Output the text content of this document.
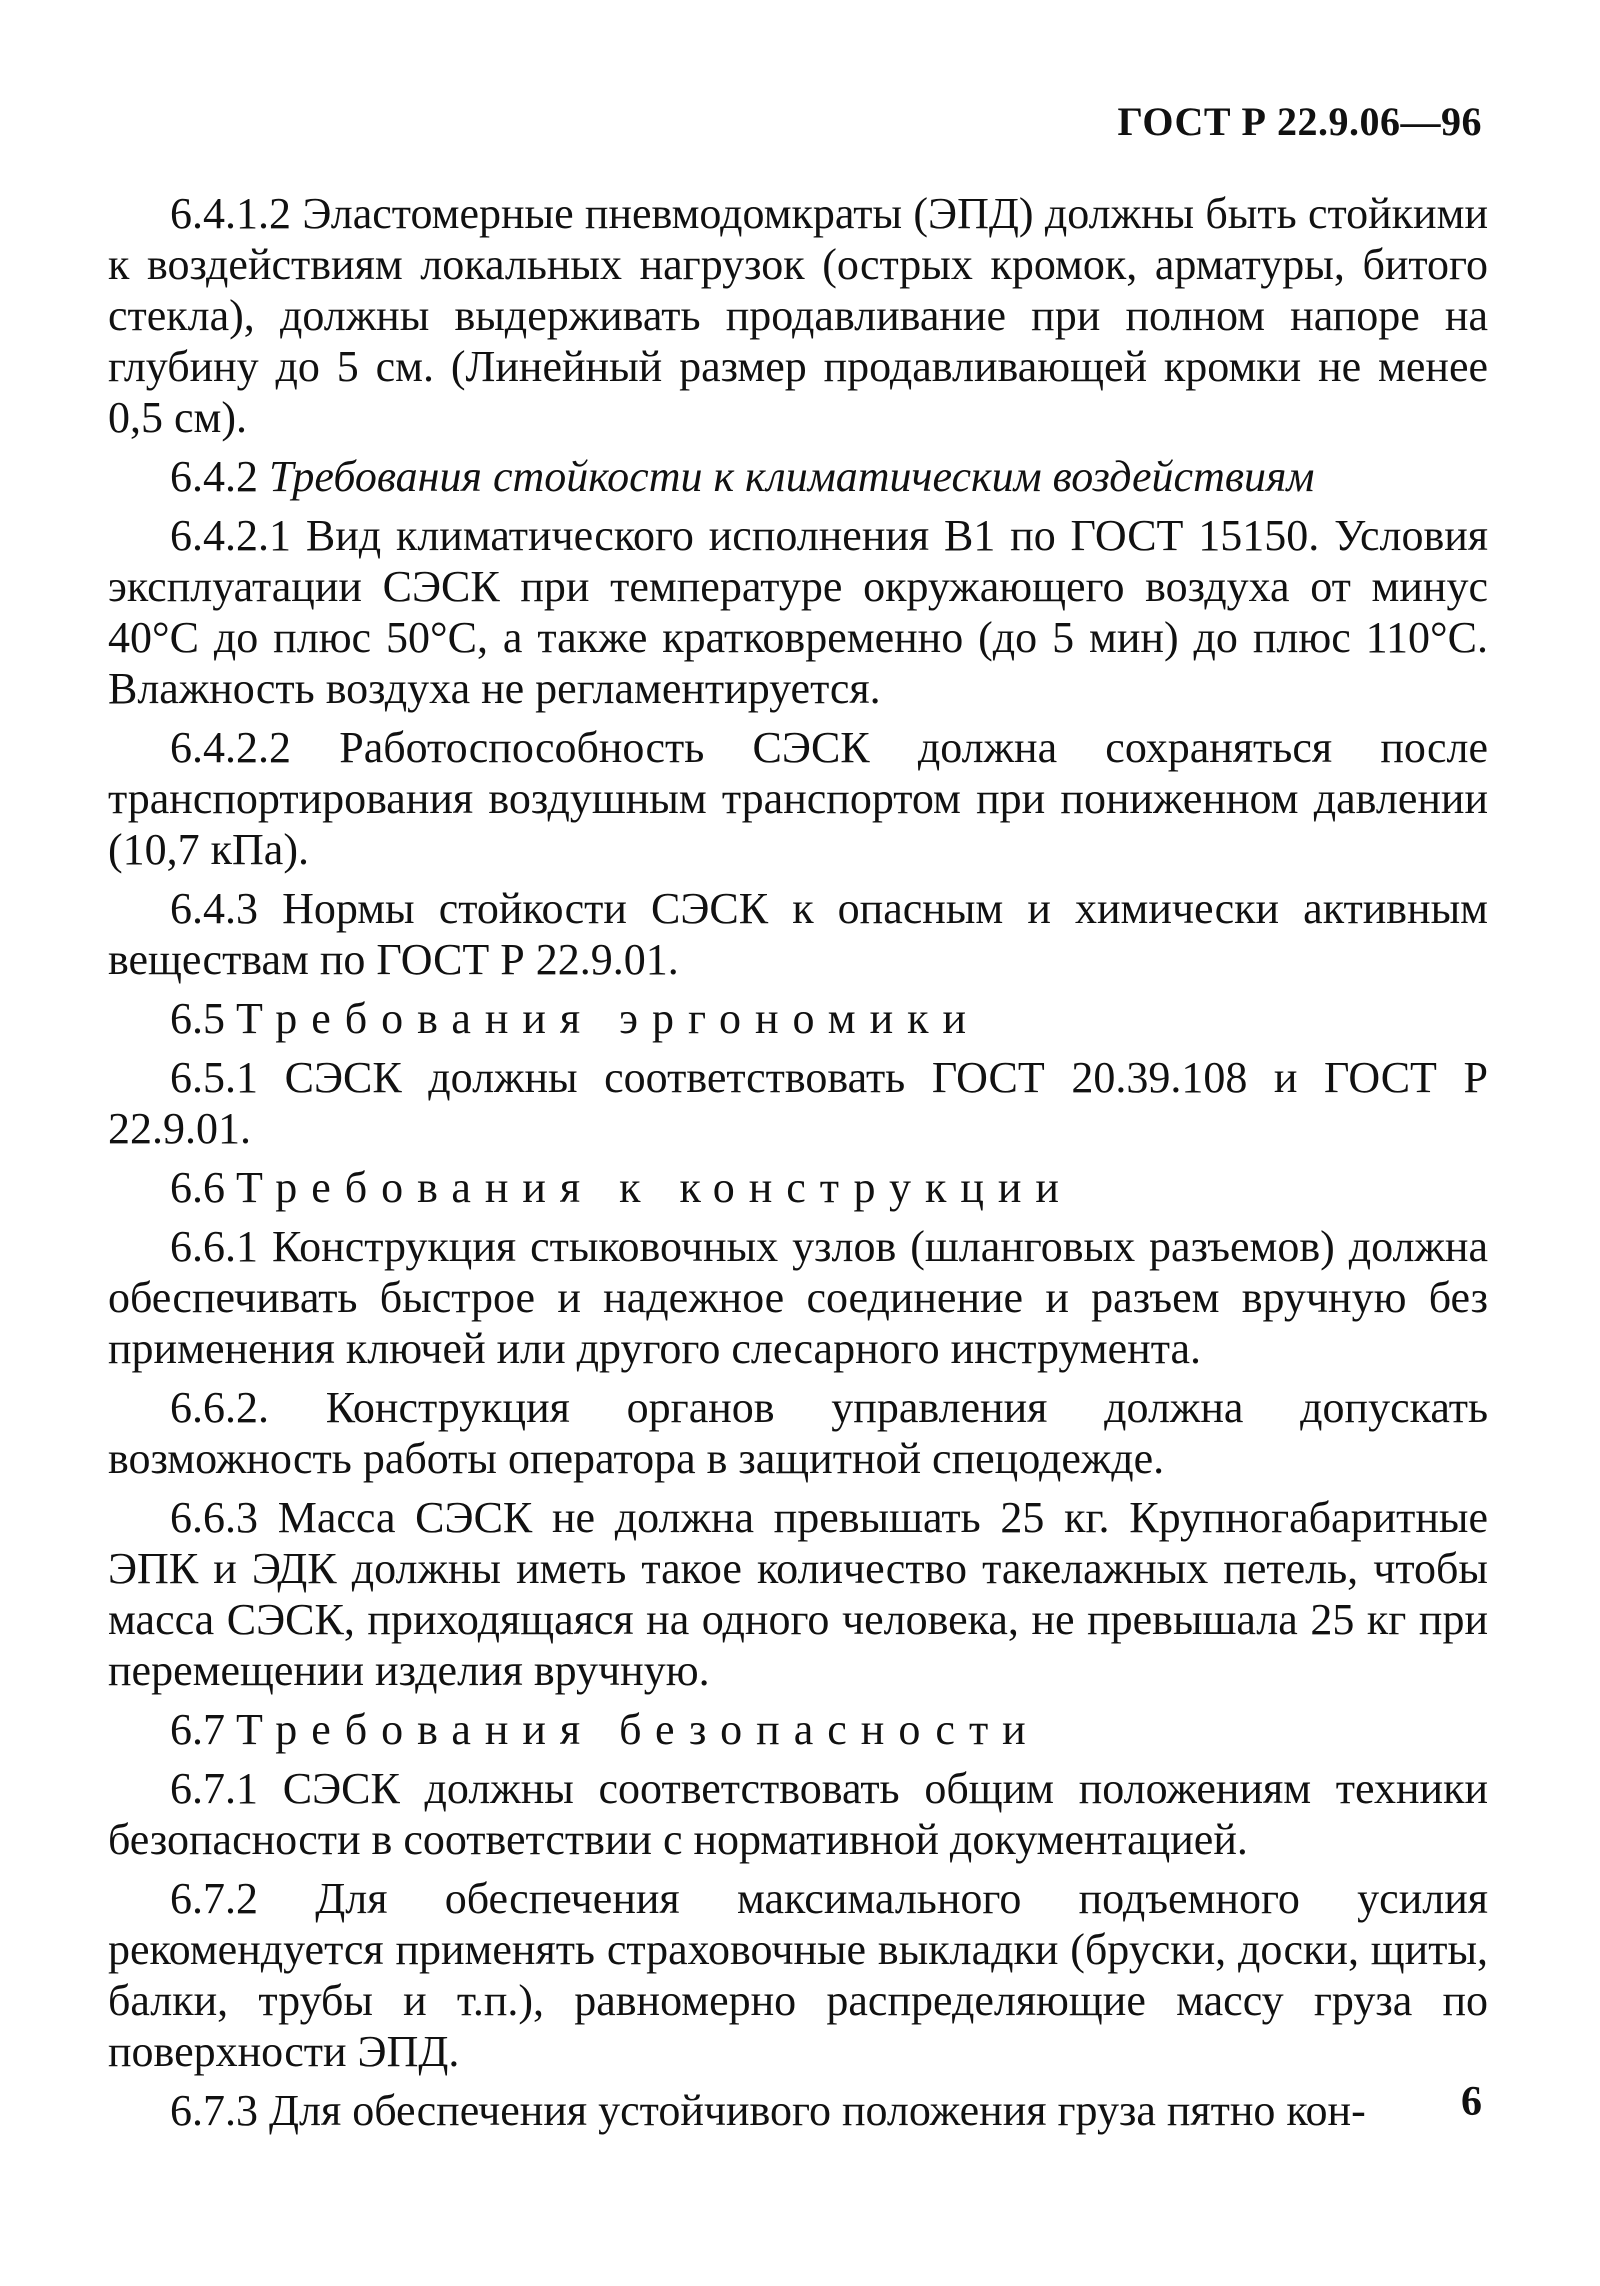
ГОСТ Р 22.9.06—96

6.4.1.2 Эластомерные пневмодомкраты (ЭПД) должны быть стойкими к воздействиям локальных нагрузок (острых кромок, арматуры, битого стекла), должны выдерживать продавливание при полном напоре на глубину до 5 см. (Линейный размер продавливающей кромки не менее 0,5 см).

6.4.2 Требования стойкости к климатическим воздействиям

6.4.2.1 Вид климатического исполнения В1 по ГОСТ 15150. Условия эксплуатации СЭСК при температуре окружающего воздуха от минус 40°С до плюс 50°С, а также кратковременно (до 5 мин) до плюс 110°С. Влажность воздуха не регламентируется.

6.4.2.2 Работоспособность СЭСК должна сохраняться после транспортирования воздушным транспортом при пониженном давлении (10,7 кПа).

6.4.3 Нормы стойкости СЭСК к опасным и химически активным веществам по ГОСТ Р 22.9.01.

6.5 Требования эргономики

6.5.1 СЭСК должны соответствовать ГОСТ 20.39.108 и ГОСТ Р 22.9.01.

6.6 Требования к конструкции

6.6.1 Конструкция стыковочных узлов (шланговых разъемов) должна обеспечивать быстрое и надежное соединение и разъем вручную без применения ключей или другого слесарного инструмента.

6.6.2. Конструкция органов управления должна допускать возможность работы оператора в защитной спецодежде.

6.6.3 Масса СЭСК не должна превышать 25 кг. Крупногабаритные ЭПК и ЭДК должны иметь такое количество такелажных петель, чтобы масса СЭСК, приходящаяся на одного человека, не превышала 25 кг при перемещении изделия вручную.

6.7 Требования безопасности

6.7.1 СЭСК должны соответствовать общим положениям техники безопасности в соответствии с нормативной документацией.

6.7.2 Для обеспечения максимального подъемного усилия рекомендуется применять страховочные выкладки (бруски, доски, щиты, балки, трубы и т.п.), равномерно распределяющие массу груза по поверхности ЭПД.

6.7.3 Для обеспечения устойчивого положения груза пятно кон-	6
